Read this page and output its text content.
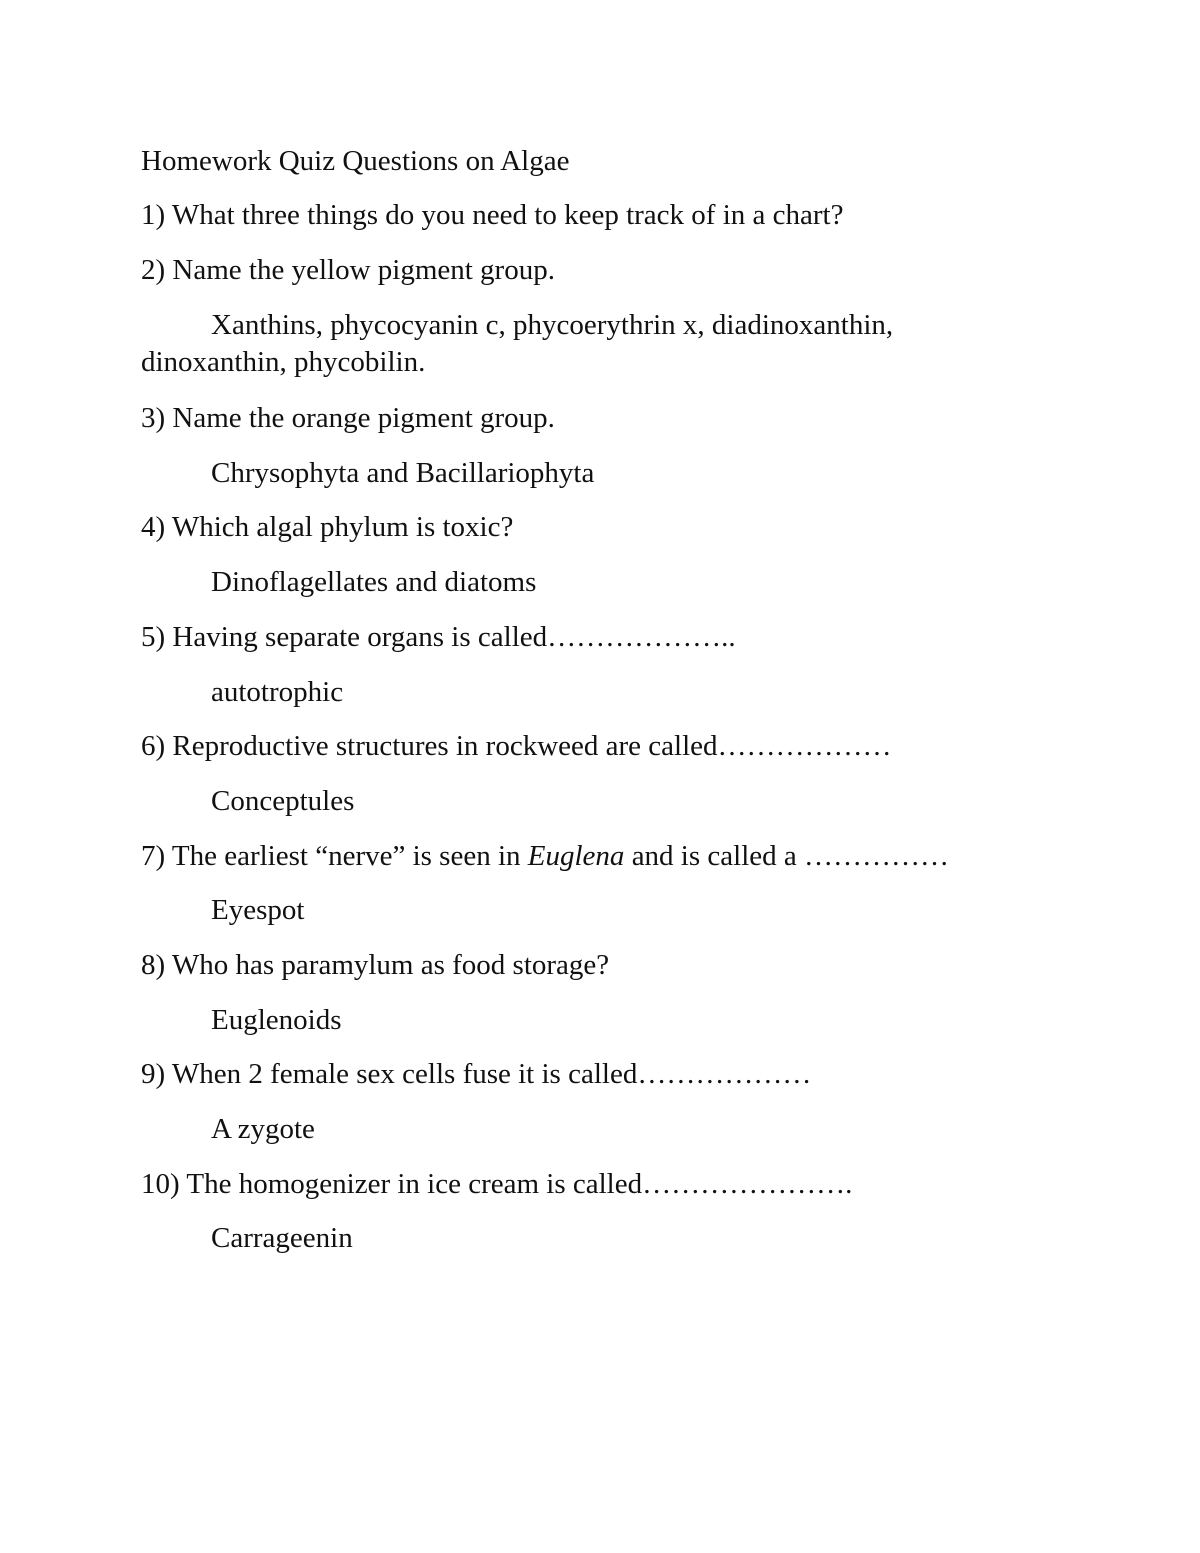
Homework Quiz Questions on Algae
1) What three things do you need to keep track of in a chart?
2) Name the yellow pigment group.
Xanthins, phycocyanin c, phycoerythrin x, diadinoxanthin,
dinoxanthin, phycobilin.
3) Name the orange pigment group.
Chrysophyta and Bacillariophyta
4) Which algal phylum is toxic?
Dinoflagellates and diatoms
5) Having separate organs is called………………..
autotrophic
6) Reproductive structures in rockweed are called………………
Conceptules
7) The earliest “nerve” is seen in Euglena and is called a ……………
Eyespot
8) Who has paramylum as food storage?
Euglenoids
9) When 2 female sex cells fuse it is called………………
A zygote
10) The homogenizer in ice cream is called………………….
Carrageenin
